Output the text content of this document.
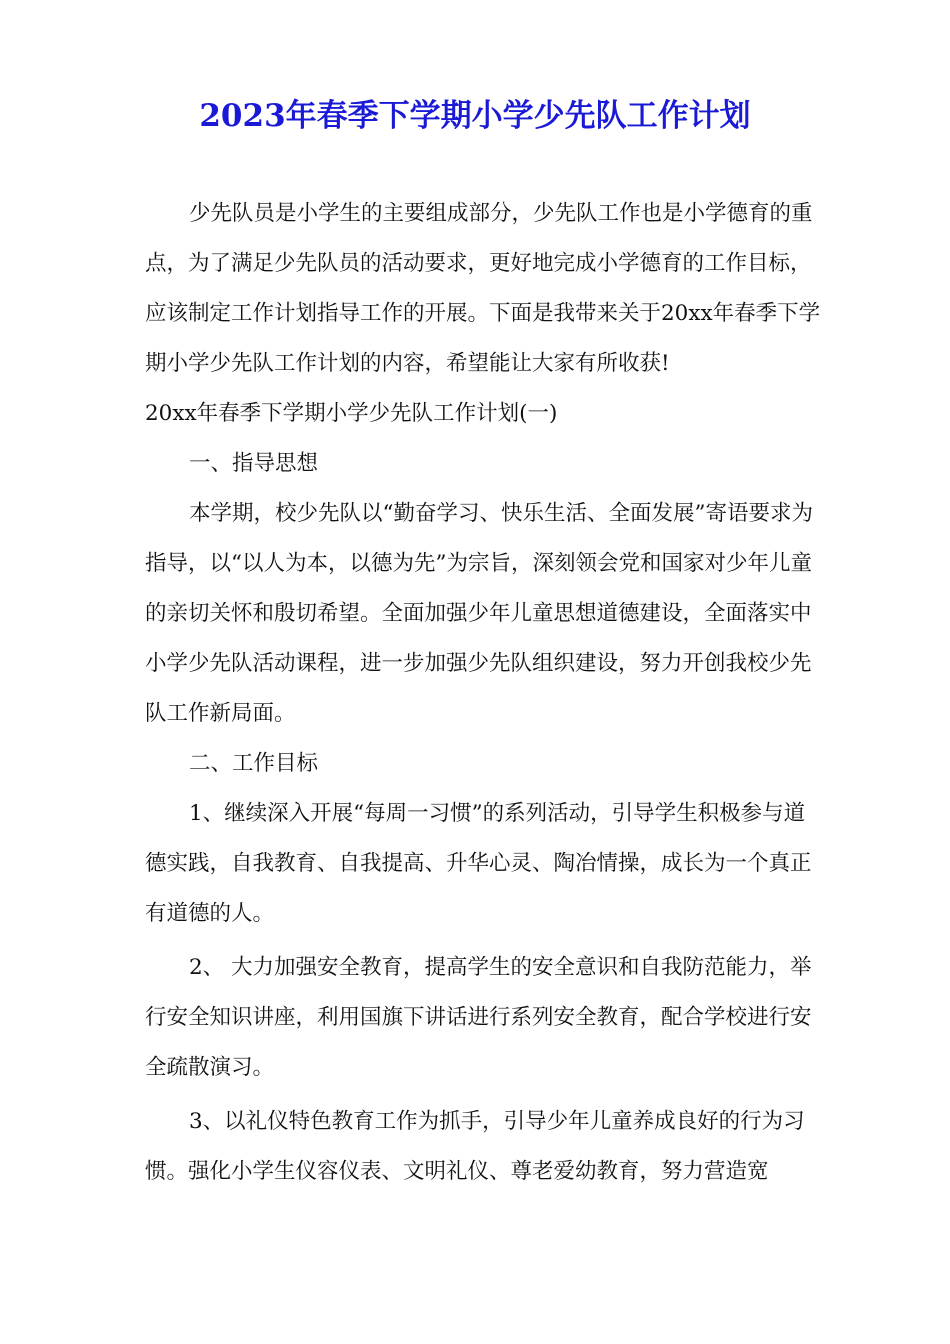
2023年春季下学期小学少先队工作计划

少先队员是小学生的主要组成部分，少先队工作也是小学德育的重点，为了满足少先队员的活动要求，更好地完成小学德育的工作目标，应该制定工作计划指导工作的开展。下面是我带来关于20xx年春季下学期小学少先队工作计划的内容，希望能让大家有所收获!

20xx年春季下学期小学少先队工作计划(一)

一、指导思想

本学期，校少先队以“勤奋学习、快乐生活、全面发展”寄语要求为指导，以“以人为本，以德为先”为宗旨，深刻领会党和国家对少年儿童的亲切关怀和殷切希望。全面加强少年儿童思想道德建设，全面落实中小学少先队活动课程，进一步加强少先队组织建设，努力开创我校少先队工作新局面。

二、工作目标

1、继续深入开展“每周一习惯”的系列活动，引导学生积极参与道德实践，自我教育、自我提高、升华心灵、陶冶情操，成长为一个真正有道德的人。

2、 大力加强安全教育，提高学生的安全意识和自我防范能力，举行安全知识讲座，利用国旗下讲话进行系列安全教育，配合学校进行安全疏散演习。

3、以礼仪特色教育工作为抓手，引导少年儿童养成良好的行为习惯。强化小学生仪容仪表、文明礼仪、尊老爱幼教育，努力营造宽
